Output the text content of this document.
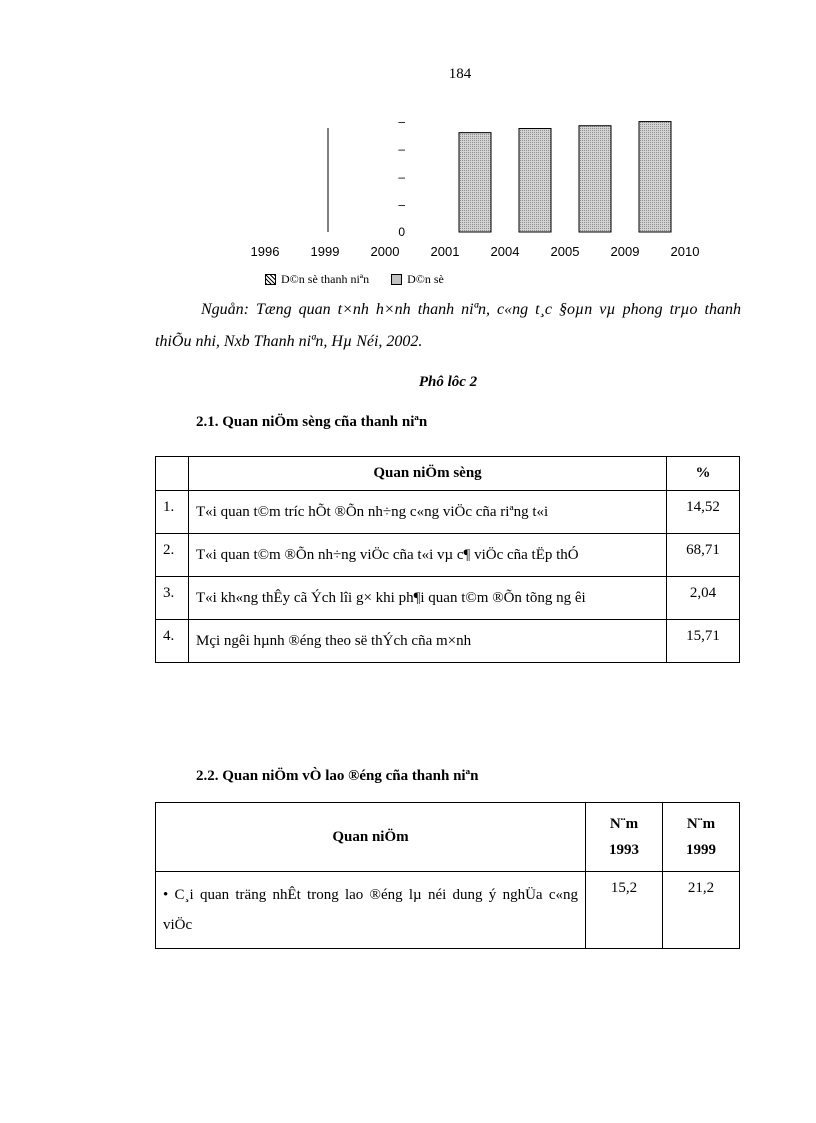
184
0
–
–
–
–
1996 1999 2000 2001 2004 2005 2009 2010
D©n sè thanh niªn	D©n sè
Nguån: Tæng quan t×nh h×nh thanh niªn, c«ng t¸c §oµn vµ phong trµo thanh thiÕu nhi, Nxb Thanh niªn, Hµ Néi, 2002.
Phô lôc 2
2.1. Quan niÖm sèng cña thanh niªn
	Quan niÖm sèng	%
1.	T«i quan t©m tríc hÕt ®Õn nh÷ng c«ng viÖc cña riªng t«i	14,52
2.	T«i quan t©m ®Õn nh÷ng viÖc cña t«i vµ c¶ viÖc cña tËp thÓ	68,71
3.	T«i kh«ng thÊy cã Ých lîi g× khi ph¶i quan t©m ®Õn tõng ng êi	2,04
4.	Mçi ngêi hµnh ®éng theo së thÝch cña m×nh	15,71
2.2. Quan niÖm vÒ lao ®éng cña thanh niªn
Quan niÖm	N¨m 1993	N¨m 1999
• C¸i quan träng nhÊt trong lao ®éng lµ néi dung ý nghÜa c«ng viÖc	15,2	21,2
